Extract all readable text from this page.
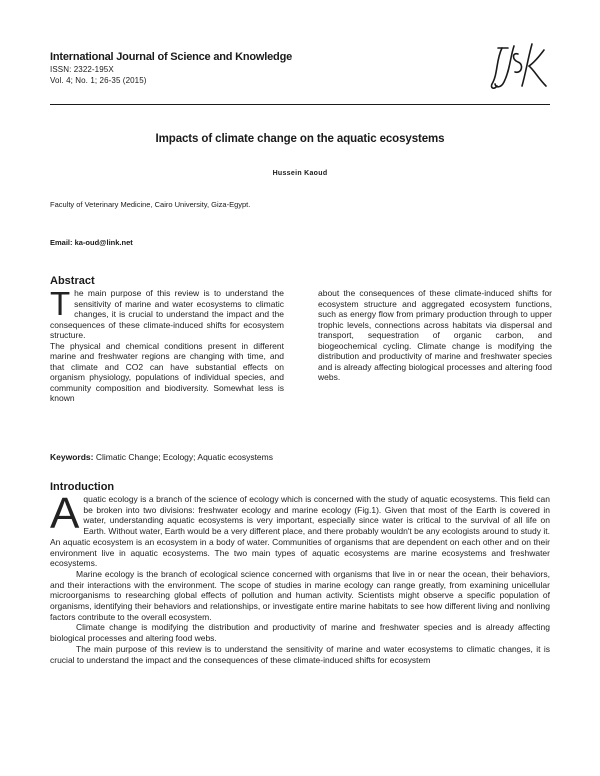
International Journal of Science and Knowledge
ISSN: 2322-195X
Vol. 4; No. 1; 26-35 (2015)
Impacts of climate change on the aquatic ecosystems
Hussein Kaoud
Faculty of Veterinary Medicine, Cairo University, Giza-Egypt.
Email: ka-oud@link.net
Abstract

The main purpose of this review is to understand the sensitivity of marine and water ecosystems to climatic changes, it is crucial to understand the impact and the consequences of these climate-induced shifts for ecosystem structure.

The physical and chemical conditions present in different marine and freshwater regions are changing with time, and that climate and CO2 can have substantial effects on organism physiology, populations of individual species, and community composition and biodiversity. Somewhat less is known

about the consequences of these climate-induced shifts for ecosystem structure and aggregated ecosystem functions, such as energy flow from primary production through to upper trophic levels, connections across habitats via dispersal and transport, sequestration of organic carbon, and biogeochemical cycling. Climate change is modifying the distribution and productivity of marine and freshwater species and is already affecting biological processes and altering food webs.

Keywords: Climatic Change; Ecology; Aquatic ecosystems
Introduction

Aquatic ecology is a branch of the science of ecology which is concerned with the study of aquatic ecosystems. This field can be broken into two divisions: freshwater ecology and marine ecology (Fig.1). Given that most of the Earth is covered in water, understanding aquatic ecosystems is very important, especially since water is critical to the survival of all life on Earth. Without water, Earth would be a very different place, and there probably wouldn't be any ecologists around to study it. An aquatic ecosystem is an ecosystem in a body of water. Communities of organisms that are dependent on each other and on their environment live in aquatic ecosystems. The two main types of aquatic ecosystems are marine ecosystems and freshwater ecosystems.

Marine ecology is the branch of ecological science concerned with organisms that live in or near the ocean, their behaviors, and their interactions with the environment. The scope of studies in marine ecology can range greatly, from examining unicellular microorganisms to researching global effects of pollution and human activity. Scientists might observe a specific population of organisms, identifying their behaviors and relationships, or investigate entire marine habitats to see how different living and nonliving factors contribute to the overall ecosystem.

Climate change is modifying the distribution and productivity of marine and freshwater species and is already affecting biological processes and altering food webs.

The main purpose of this review is to understand the sensitivity of marine and water ecosystems to climatic changes, it is crucial to understand the impact and the consequences of these climate-induced shifts for ecosystem
